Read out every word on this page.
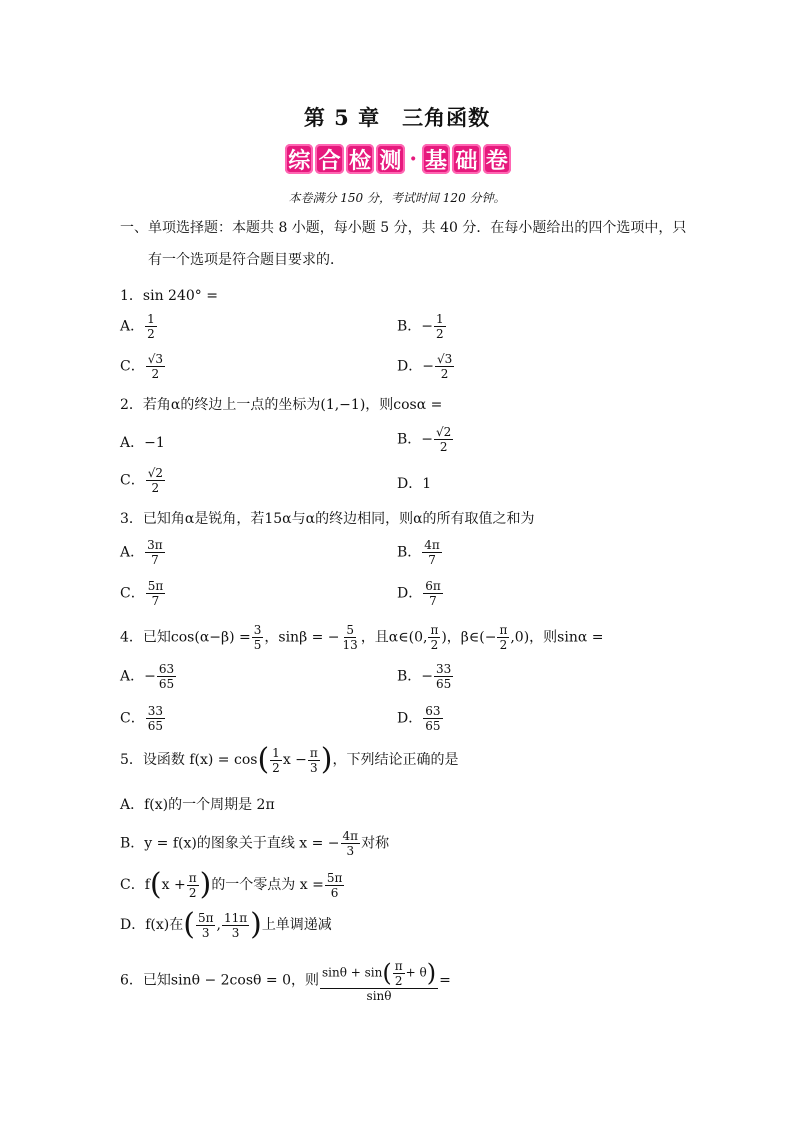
第 5 章　三角函数
综 合 检 测 · 基 础 卷
本卷满分 150 分，考试时间 120 分钟。
一、单项选择题：本题共 8 小题，每小题 5 分，共 40 分．在每小题给出的四个选项中，只
有一个选项是符合题目要求的．
1．sin 240° =
A． $\frac{1}{2}$	B．− $\frac{1}{2}$
C． $\frac{√3}{2}$	D．− $\frac{√3}{2}$
2．若角α的终边上一点的坐标为(1,−1)，则cosα =
A．−1	B．− $\frac{√2}{2}$
C． $\frac{√2}{2}$	D．1
3．已知角α是锐角，若15α与α的终边相同，则α的所有取值之和为
A． $\frac{3\pi}{7}$	B． $\frac{4\pi}{7}$
C． $\frac{5\pi}{7}$	D． $\frac{6\pi}{7}$
4．已知$\cos(\alpha-\beta) = \frac{3}{5}$ ，sinβ = − $\frac{5}{13}$ ，且α∈(0, $\frac{\pi}{2}$ )，β∈(− $\frac{\pi}{2} ,0$)，则sinα =
A．− $\frac{63}{65}$	B．− $\frac{33}{65}$
C． $\frac{33}{65}$	D． $\frac{63}{65}$
5．设函数 $f(x) = \cos( \frac{1}{2}$ $x - \frac{\pi}{3}$ )，下列结论正确的是
A．f(x)的一个周期是 2π
B．y = f(x)的图象关于直线 x = − $\frac{4\pi}{3}$ 对称
C．$f(x + \frac{\pi}{2}$ )的一个零点为 $x = \frac{5\pi}{6}$
D．f(x)在( $\frac{5\pi}{3}$ , $\frac{11\pi}{3}$ )上单调递减
6．已知sinθ − 2cosθ = 0，则 $\frac{\sin\theta + \sin( \frac{\pi}{2} + \theta)}{\sin\theta}$ =
